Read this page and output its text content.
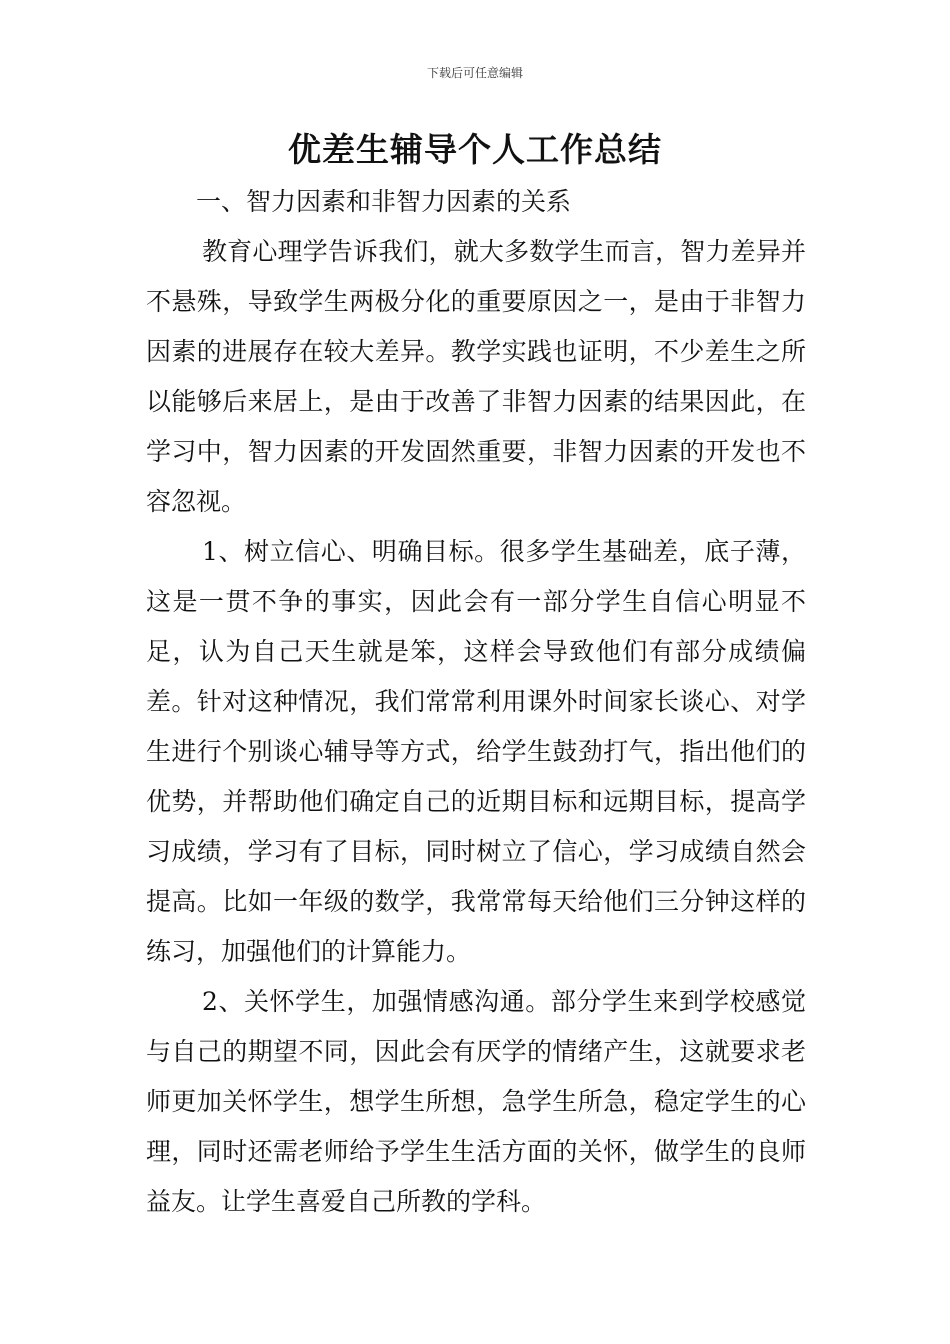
下载后可任意编辑
优差生辅导个人工作总结

一、智力因素和非智力因素的关系

教育心理学告诉我们，就大多数学生而言，智力差异并不悬殊，导致学生两极分化的重要原因之一，是由于非智力因素的进展存在较大差异。教学实践也证明，不少差生之所以能够后来居上，是由于改善了非智力因素的结果因此，在学习中，智力因素的开发固然重要，非智力因素的开发也不容忽视。

1、树立信心、明确目标。很多学生基础差，底子薄，这是一贯不争的事实，因此会有一部分学生自信心明显不足，认为自己天生就是笨，这样会导致他们有部分成绩偏差。针对这种情况，我们常常利用课外时间家长谈心、对学生进行个别谈心辅导等方式，给学生鼓劲打气，指出他们的优势，并帮助他们确定自己的近期目标和远期目标，提高学习成绩，学习有了目标，同时树立了信心，学习成绩自然会提高。比如一年级的数学，我常常每天给他们三分钟这样的练习，加强他们的计算能力。

2、关怀学生，加强情感沟通。部分学生来到学校感觉与自己的期望不同，因此会有厌学的情绪产生，这就要求老师更加关怀学生，想学生所想，急学生所急，稳定学生的心理，同时还需老师给予学生生活方面的关怀，做学生的良师益友。让学生喜爱自己所教的学科。
